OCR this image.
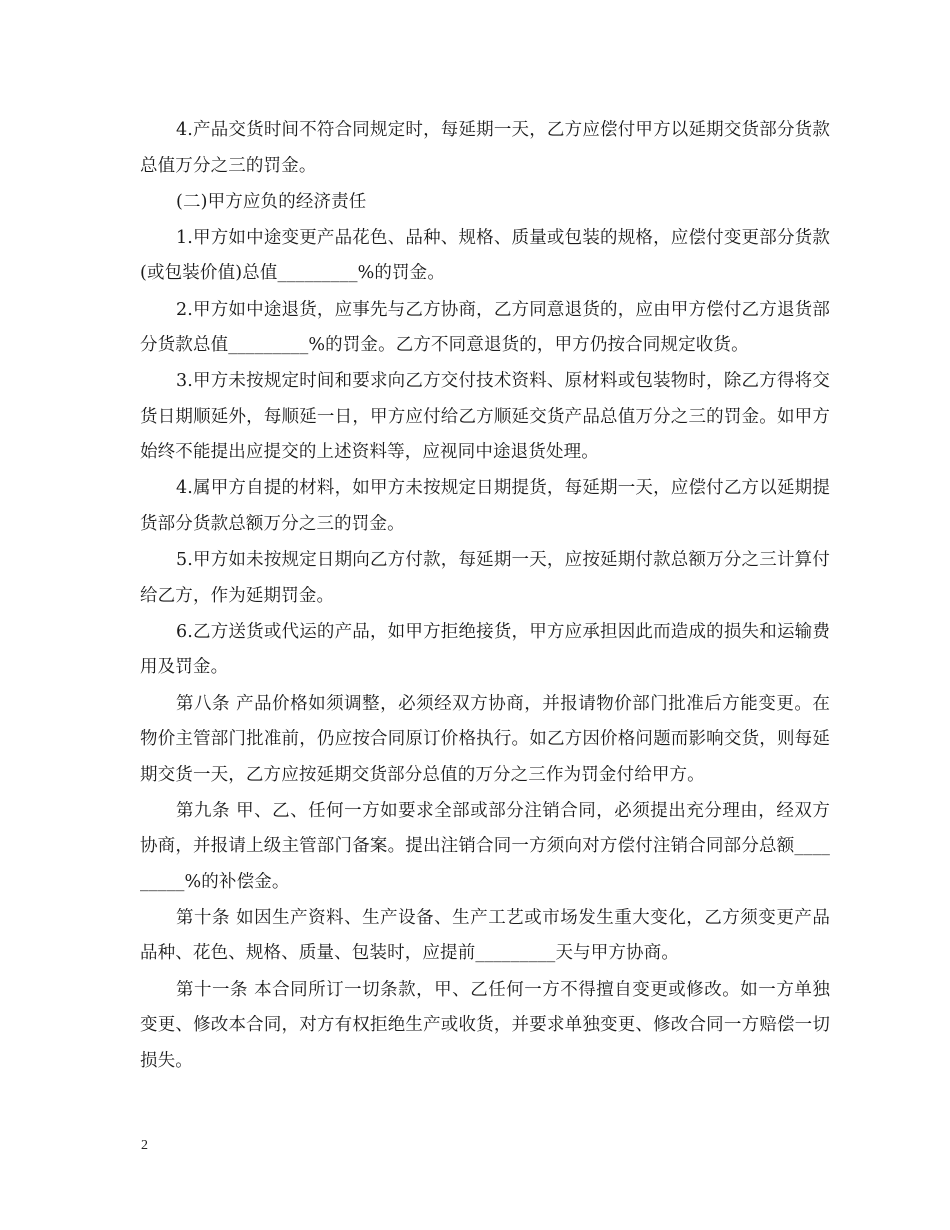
4.产品交货时间不符合同规定时，每延期一天，乙方应偿付甲方以延期交货部分货款总值万分之三的罚金。

(二)甲方应负的经济责任

1.甲方如中途变更产品花色、品种、规格、质量或包装的规格，应偿付变更部分货款(或包装价值)总值_________%的罚金。

2.甲方如中途退货，应事先与乙方协商，乙方同意退货的，应由甲方偿付乙方退货部分货款总值_________%的罚金。乙方不同意退货的，甲方仍按合同规定收货。

3.甲方未按规定时间和要求向乙方交付技术资料、原材料或包装物时，除乙方得将交货日期顺延外，每顺延一日，甲方应付给乙方顺延交货产品总值万分之三的罚金。如甲方始终不能提出应提交的上述资料等，应视同中途退货处理。

4.属甲方自提的材料，如甲方未按规定日期提货，每延期一天，应偿付乙方以延期提货部分货款总额万分之三的罚金。

5.甲方如未按规定日期向乙方付款，每延期一天，应按延期付款总额万分之三计算付给乙方，作为延期罚金。

6.乙方送货或代运的产品，如甲方拒绝接货，甲方应承担因此而造成的损失和运输费用及罚金。

第八条 产品价格如须调整，必须经双方协商，并报请物价部门批准后方能变更。在物价主管部门批准前，仍应按合同原订价格执行。如乙方因价格问题而影响交货，则每延期交货一天，乙方应按延期交货部分总值的万分之三作为罚金付给甲方。

第九条 甲、乙、任何一方如要求全部或部分注销合同，必须提出充分理由，经双方协商，并报请上级主管部门备案。提出注销合同一方须向对方偿付注销合同部分总额_________%的补偿金。

第十条 如因生产资料、生产设备、生产工艺或市场发生重大变化，乙方须变更产品品种、花色、规格、质量、包装时，应提前_________天与甲方协商。

第十一条 本合同所订一切条款，甲、乙任何一方不得擅自变更或修改。如一方单独变更、修改本合同，对方有权拒绝生产或收货，并要求单独变更、修改合同一方赔偿一切损失。

2
